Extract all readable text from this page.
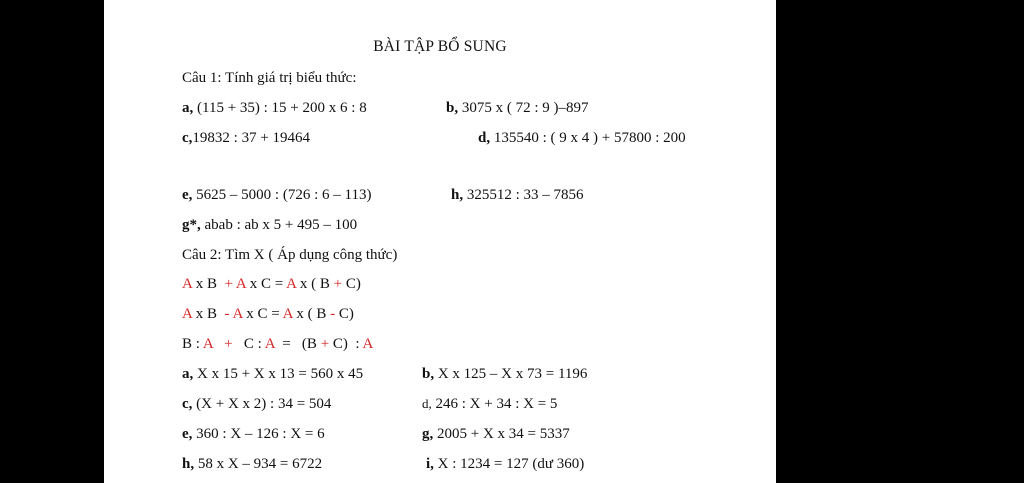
BÀI TẬP BỔ SUNG
Câu 1: Tính giá trị biểu thức:
a, (115 + 35) : 15 + 200 x 6 : 8	b, 3075 x ( 72 : 9 )–897
c,19832 : 37 + 19464	d, 135540 : ( 9 x 4 ) + 57800 : 200
e, 5625 – 5000 : (726 : 6 – 113)	h, 325512 : 33 – 7856
g*, abab : ab x 5 + 495 – 100
Câu 2: Tìm X ( Áp dụng công thức)
A x B  + A x C = A x ( B + C)
A x B  - A x C = A x ( B - C)
B : A +   C : A  =   (B + C)  : A
a, X x 15 + X x 13 = 560 x 45	b, X x 125 – X x 73 = 1196
c, (X + X x 2) : 34 = 504	d, 246 : X + 34 : X = 5
e, 360 : X – 126 : X = 6	g, 2005 + X x 34 = 5337
h, 58 x X – 934 = 6722	i, X : 1234 = 127 (dư 360)
